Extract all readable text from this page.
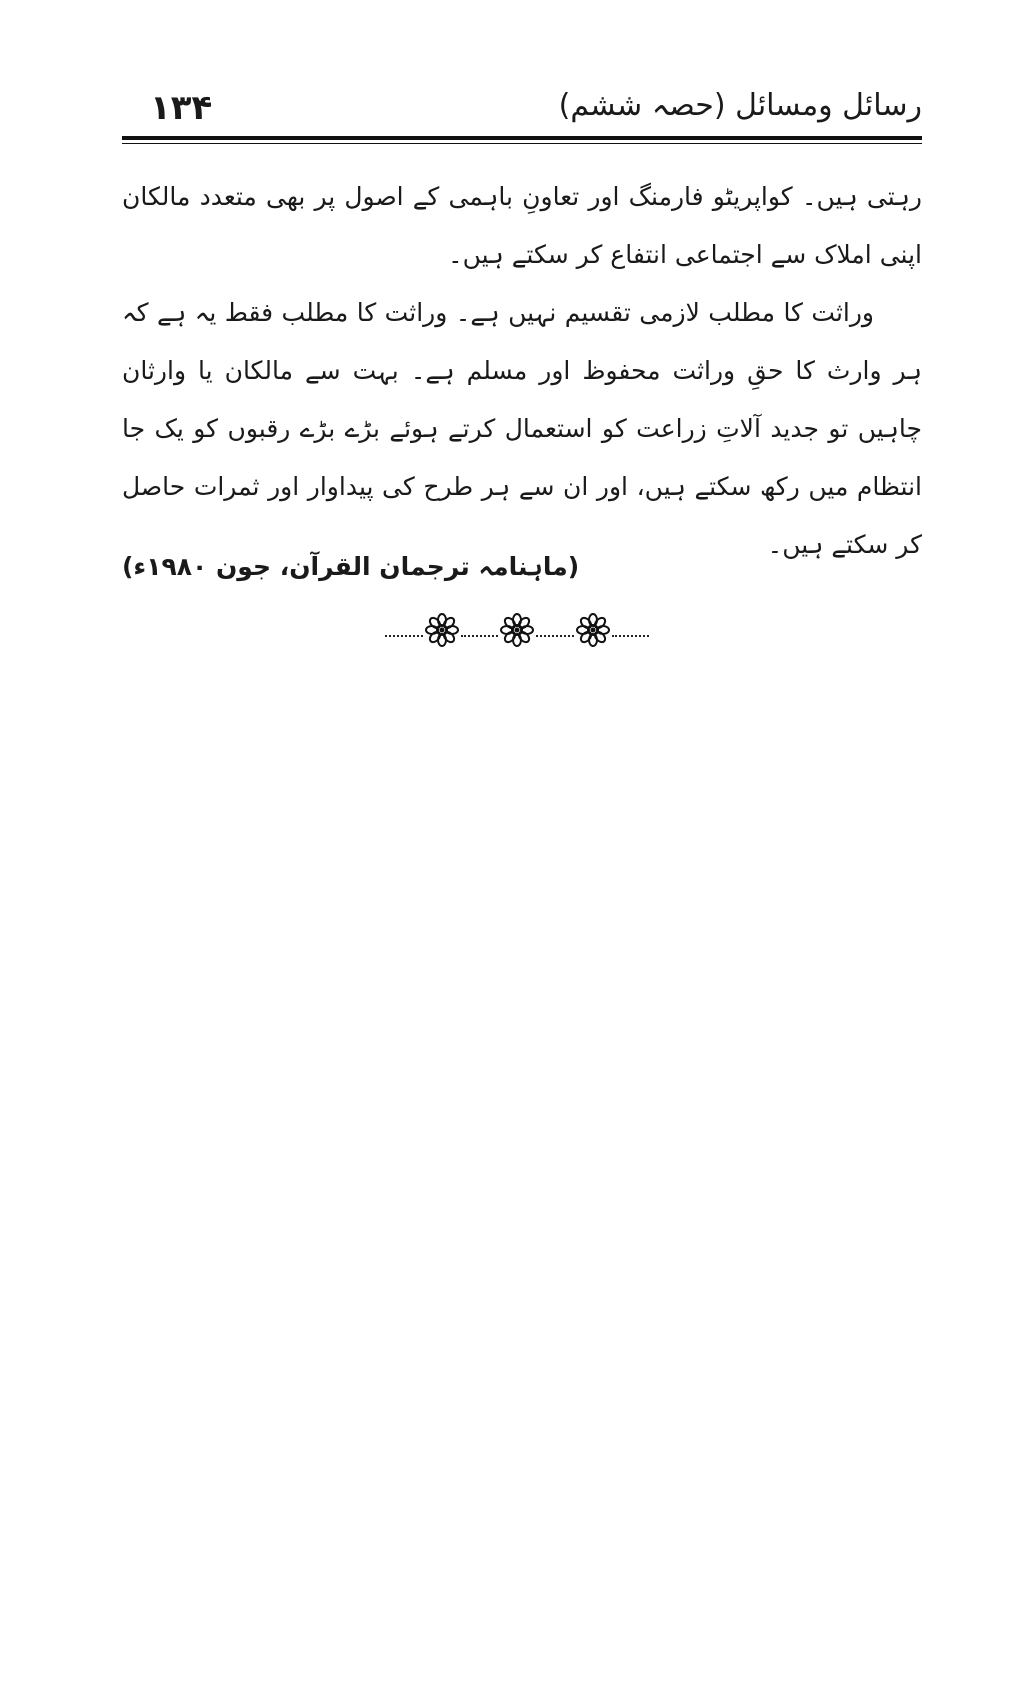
رسائل ومسائل (حصہ ششم)
۱۳۴

رہتی ہیں۔ کواپریٹو فارمنگ اور تعاونِ باہمی کے اصول پر بھی متعدد مالکان اپنی املاک سے اجتماعی انتفاع کر سکتے ہیں۔

وراثت کا مطلب لازمی تقسیم نہیں ہے۔ وراثت کا مطلب فقط یہ ہے کہ ہر وارث کا حقِ وراثت محفوظ اور مسلم ہے۔ بہت سے مالکان یا وارثان چاہیں تو جدید آلاتِ زراعت کو استعمال کرتے ہوئے بڑے بڑے رقبوں کو یک جا انتظام میں رکھ سکتے ہیں، اور ان سے ہر طرح کی پیداوار اور ثمرات حاصل کر سکتے ہیں۔

(ماہنامہ ترجمان القرآن، جون ۱۹۸۰ء)
